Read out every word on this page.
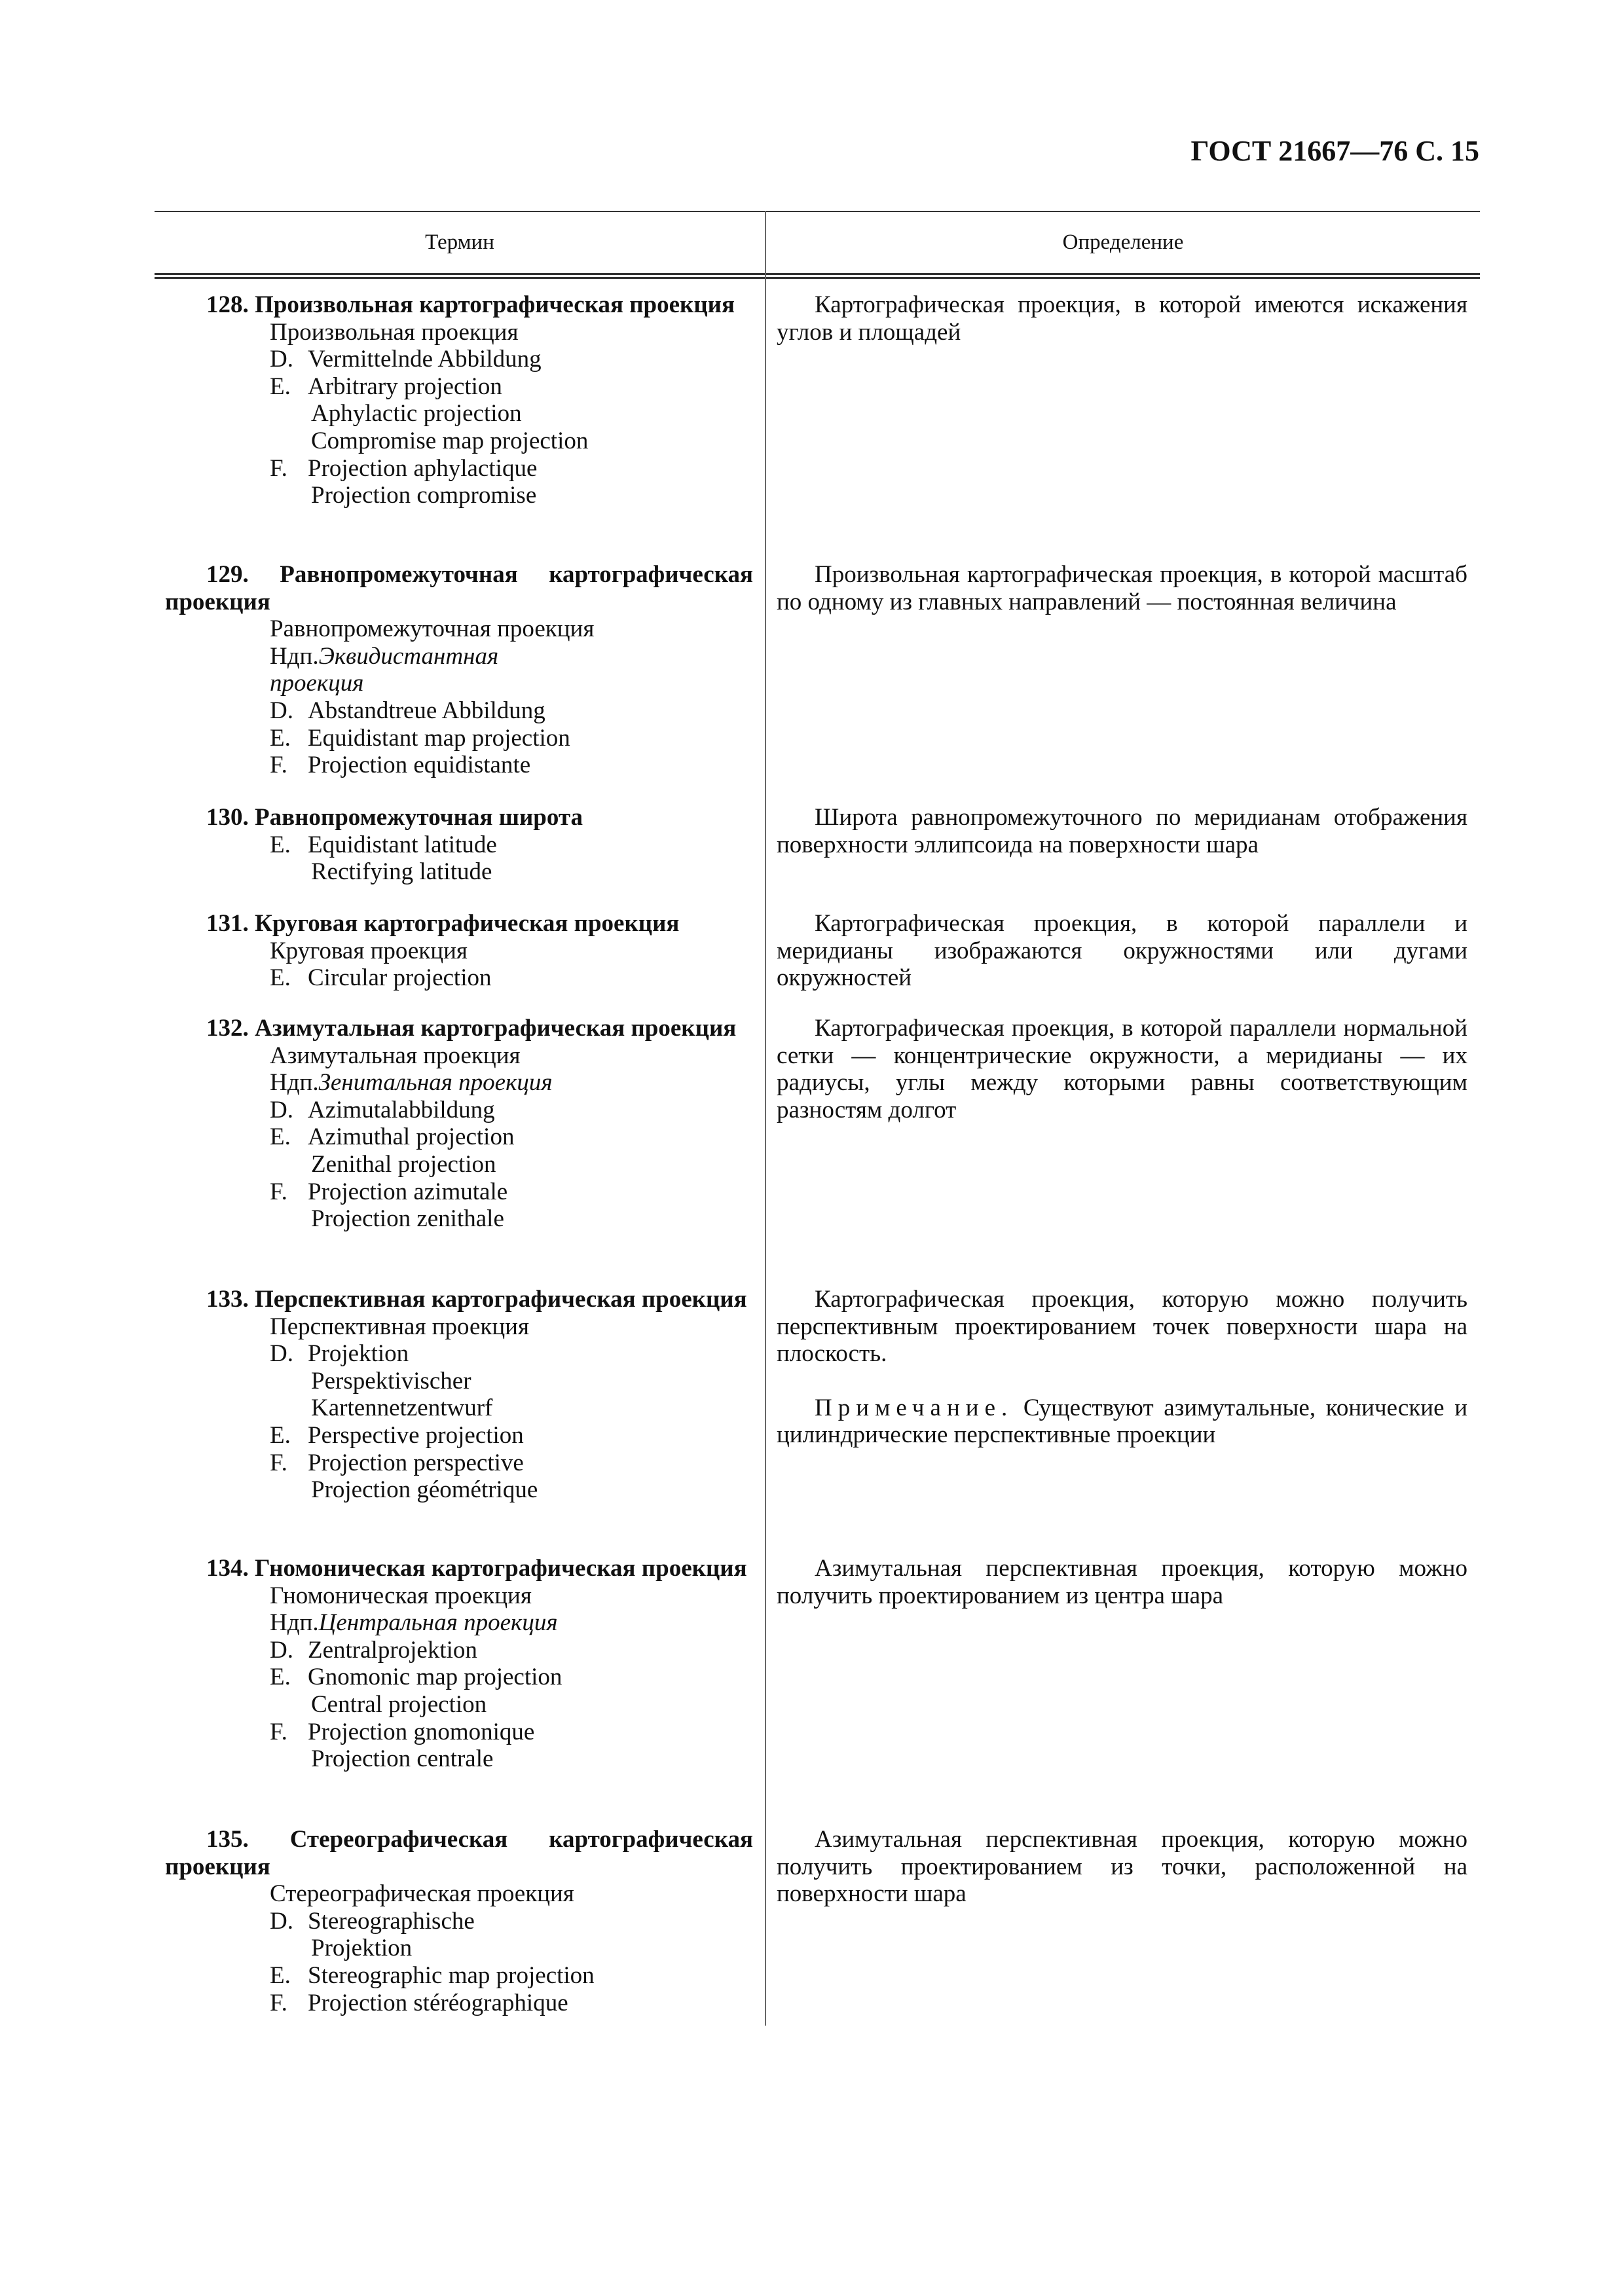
ГОСТ 21667—76 С. 15
Термин	Определение
128. Произвольная картографическая проекция
Произвольная проекция
D.Vermittelnde Abbildung
E.Arbitrary projection
Aphylactic projection
Compromise map projection
F.Projection aphylactique
Projection compromise

Картографическая проекция, в которой имеются искажения углов и площадей

129. Равнопромежуточная картографическая проекция
Равнопромежуточная проекция
Ндп.Эквидистантная
проекция
D.Abstandtreue Abbildung
E.Equidistant map projection
F.Projection equidistante

Произвольная картографическая проекция, в которой масштаб по одному из главных направлений — постоянная величина

130. Равнопромежуточная широта
E.Equidistant latitude
Rectifying latitude

Широта равнопромежуточного по меридианам отображения поверхности эллипсоида на поверхности шара

131. Круговая картографическая проекция
Круговая проекция
E.Circular projection

Картографическая проекция, в которой параллели и меридианы изображаются окружностями или дугами окружностей

132. Азимутальная картографическая проекция
Азимутальная проекция
Ндп.Зенитальная проекция
D.Azimutalabbildung
E.Azimuthal projection
Zenithal projection
F.Projection azimutale
Projection zenithale

Картографическая проекция, в которой параллели нормальной сетки — концентрические окружности, а меридианы — их радиусы, углы между которыми равны соответствующим разностям долгот

133. Перспективная картографическая проекция
Перспективная проекция
D.Projektion
Perspektivischer
Kartennetzentwurf
E.Perspective projection
F.Projection perspective
Projection géométrique

Картографическая проекция, которую можно получить перспективным проектированием точек поверхности шара на плоскость.

Примечание. Существуют азимутальные, конические и цилиндрические перспективные проекции

134. Гномоническая картографическая проекция
Гномоническая проекция
Ндп.Центральная проекция
D.Zentralprojektion
E.Gnomonic map projection
Central projection
F.Projection gnomonique
Projection centrale

Азимутальная перспективная проекция, которую можно получить проектированием из центра шара

135. Стереографическая картографическая проекция
Стереографическая проекция
D.Stereographische
Projektion
E.Stereographic map projection
F.Projection stéréographique

Азимутальная перспективная проекция, которую можно получить проектированием из точки, расположенной на поверхности шара
